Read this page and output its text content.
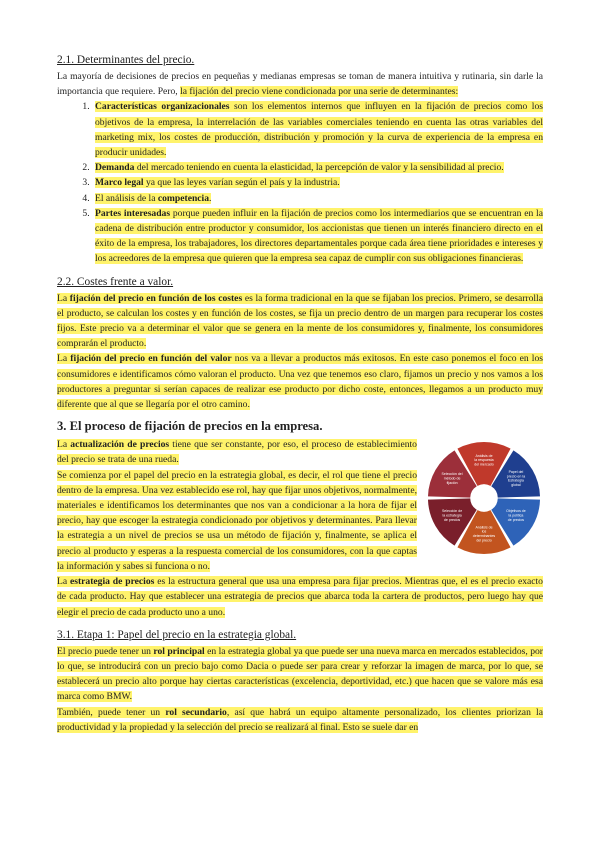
2.1. Determinantes del precio.

La mayoría de decisiones de precios en pequeñas y medianas empresas se toman de manera intuitiva y rutinaria, sin darle la importancia que requiere. Pero, la fijación del precio viene condicionada por una serie de determinantes:

1. Características organizacionales son los elementos internos que influyen en la fijación de precios como los objetivos de la empresa, la interrelación de las variables comerciales teniendo en cuenta las otras variables del marketing mix, los costes de producción, distribución y promoción y la curva de experiencia de la empresa en producir unidades.
2. Demanda del mercado teniendo en cuenta la elasticidad, la percepción de valor y la sensibilidad al precio.
3. Marco legal ya que las leyes varían según el país y la industria.
4. El análisis de la competencia.
5. Partes interesadas porque pueden influir en la fijación de precios como los intermediarios que se encuentran en la cadena de distribución entre productor y consumidor, los accionistas que tienen un interés financiero directo en el éxito de la empresa, los trabajadores, los directores departamentales porque cada área tiene prioridades e intereses y los acreedores de la empresa que quieren que la empresa sea capaz de cumplir con sus obligaciones financieras.
2.2. Costes frente a valor.

La fijación del precio en función de los costes es la forma tradicional en la que se fijaban los precios. Primero, se desarrolla el producto, se calculan los costes y en función de los costes, se fija un precio dentro de un margen para recuperar los costes fijos. Este precio va a determinar el valor que se genera en la mente de los consumidores y, finalmente, los consumidores comprarán el producto.

La fijación del precio en función del valor nos va a llevar a productos más exitosos. En este caso ponemos el foco en los consumidores e identificamos cómo valoran el producto. Una vez que tenemos eso claro, fijamos un precio y nos vamos a los productores a preguntar si serían capaces de realizar ese producto por dicho coste, entonces, llegamos a un producto muy diferente que al que se llegaría por el otro camino.

3. El proceso de fijación de precios en la empresa.

La actualización de precios tiene que ser constante, por eso, el proceso de establecimiento del precio se trata de una rueda.

Se comienza por el papel del precio en la estrategia global, es decir, el rol que tiene el precio dentro de la empresa. Una vez establecido ese rol, hay que fijar unos objetivos, normalmente, materiales e identificamos los determinantes que nos van a condicionar a la hora de fijar el precio, hay que escoger la estrategia condicionado por objetivos y determinantes. Para llevar la estrategia a un nivel de precios se usa un método de fijación y, finalmente, se aplica el precio al producto y esperas a la respuesta comercial de los consumidores, con la que captas la información y sabes si funciona o no.

Análisis de la respuesta del mercado
Papel del precio en la Estrategia global
Objetivos de la política de precios
Análisis de los determinantes del precio
Selección de la estrategia de precios
Selección del método de fijación

La estrategia de precios es la estructura general que usa una empresa para fijar precios. Mientras que, el es el precio exacto de cada producto. Hay que establecer una estrategia de precios que abarca toda la cartera de productos, pero luego hay que elegir el precio de cada producto uno a uno.

3.1. Etapa 1: Papel del precio en la estrategia global.

El precio puede tener un rol principal en la estrategia global ya que puede ser una nueva marca en mercados establecidos, por lo que, se introducirá con un precio bajo como Dacia o puede ser para crear y reforzar la imagen de marca, por lo que, se establecerá un precio alto porque hay ciertas características (excelencia, deportividad, etc.) que hacen que se valore más esa marca como BMW.

También, puede tener un rol secundario, así que habrá un equipo altamente personalizado, los clientes priorizan la productividad y la propiedad y la selección del precio se realizará al final. Esto se suele dar en
